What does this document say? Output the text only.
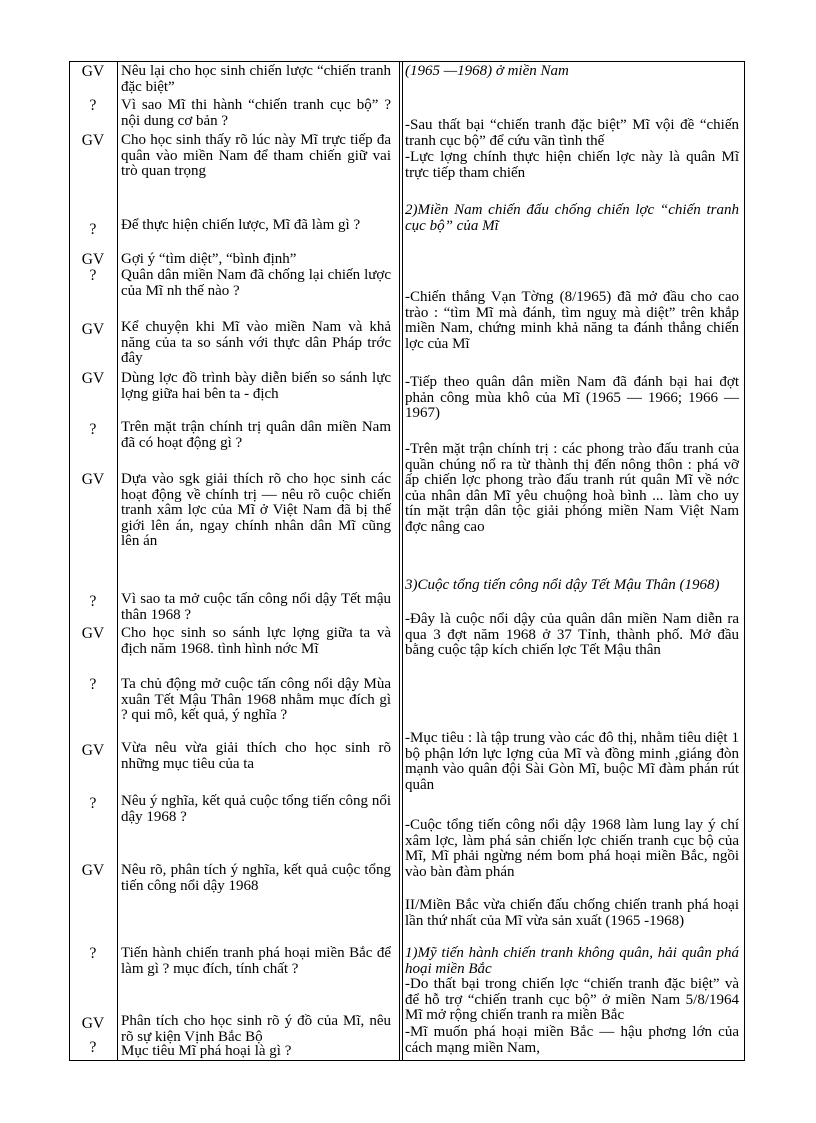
GV
?
GV
?
GV
?
GV
GV
?
GV
?
GV
?
GV
?
GV
?
GV
?
Nêu lại cho học sinh chiến lược “chiến tranh đặc biệt”
Vì sao Mĩ thi hành “chiến tranh cục bộ” ? nội dung cơ bản ?
Cho học sinh thấy rõ lúc này Mĩ trực tiếp đa quân vào miền Nam để tham chiến giữ vai trò quan trọng
Để thực hiện chiến lược, Mĩ đã làm gì ?
Gợi ý “tìm diệt”, “bình định”
Quân dân miền Nam đã chống lại chiến lược của Mĩ nh thế nào ?
Kể chuyện khi Mĩ vào miền Nam và khả năng của ta so sánh với thực dân Pháp trớc đây
Dùng lợc đồ trình bày diễn biến so sánh lực lợng giữa hai bên ta - địch
Trên mặt trận chính trị quân dân miền Nam đã có hoạt động gì ?
Dựa vào sgk giải thích rõ cho học sinh các hoạt động về chính trị — nêu rõ cuộc chiến tranh xâm lợc của Mĩ ở Việt Nam đã bị thế giới lên án, ngay chính nhân dân Mĩ cũng lên án
Vì sao ta mở cuộc tấn công nổi dậy Tết mậu thân 1968 ?
Cho học sinh so sánh lực lợng giữa ta và địch năm 1968. tình hình nớc Mĩ
Ta chủ động mở cuộc tấn công nổi dậy Mùa xuân Tết Mậu Thân 1968 nhằm mục đích gì ? qui mô, kết quả, ý nghĩa ?
Vừa nêu vừa giải thích cho học sinh rõ những mục tiêu của ta
Nêu ý nghĩa, kết quả cuộc tổng tiến công nổi dậy 1968 ?
Nêu rõ, phân tích ý nghĩa, kết quả cuộc tổng tiến công nổi dậy 1968
Tiến hành chiến tranh phá hoại miền Bắc để làm gì ? mục đích, tính chất ?
Phân tích cho học sinh rõ ý đồ của Mĩ, nêu rõ sự kiện Vịnh Bắc Bộ
Mục tiêu Mĩ phá hoại là gì ?
(1965 —1968) ở miền Nam
-Sau thất bại “chiến tranh đặc biệt” Mĩ vội đề “chiến tranh cục bộ” để cứu vãn tình thế
-Lực lợng chính thực hiện chiến lợc này là quân Mĩ trực tiếp tham chiến
2)Miền Nam chiến đấu chống chiến lợc “chiến tranh cục bộ” của Mĩ
-Chiến thắng Vạn Tờng (8/1965) đã mở đầu cho cao trào : “tìm Mĩ mà đánh, tìm nguỵ mà diệt” trên khắp miền Nam, chứng minh khả năng ta đánh thắng chiến lợc của Mĩ
-Tiếp theo quân dân miền Nam đã đánh bại hai đợt phản công mùa khô của Mĩ (1965 — 1966; 1966 — 1967)
-Trên mặt trận chính trị : các phong trào đấu tranh của quần chúng nổ ra từ thành thị đến nông thôn : phá vỡ ấp chiến lợc phong trào đấu tranh rút quân Mĩ về nớc của nhân dân Mĩ yêu chuộng hoà bình ... làm cho uy tín mặt trận dân tộc giải phóng miền Nam Việt Nam đợc nâng cao
3)Cuộc tổng tiến công nổi dậy Tết Mậu Thân (1968)
-Đây là cuộc nổi dậy của quân dân miền Nam diễn ra qua 3 đợt năm 1968 ở 37 Tỉnh, thành phố. Mở đầu bằng cuộc tập kích chiến lợc Tết Mậu thân
-Mục tiêu : là tập trung vào các đô thị, nhằm tiêu diệt 1 bộ phận lớn lực lợng của Mĩ và đồng minh ,giáng đòn mạnh vào quân đội Sài Gòn Mĩ, buộc Mĩ đàm phán rút quân
-Cuộc tổng tiến công nổi dậy 1968 làm lung lay ý chí xâm lợc, làm phá sản chiến lợc chiến tranh cục bộ của Mĩ, Mĩ phải ngừng ném bom phá hoại miền Bắc, ngồi vào bàn đàm phán
II/Miền Bắc vừa chiến đấu chống chiến tranh phá hoại lần thứ nhất của Mĩ vừa sản xuất (1965 -1968)
1)Mỹ tiến hành chiến tranh không quân, hải quân phá hoại miền Bắc
-Do thất bại trong chiến lợc “chiến tranh đặc biệt” và để hỗ trợ “chiến tranh cục bộ” ở miền Nam 5/8/1964 Mĩ mở rộng chiến tranh ra miền Bắc
-Mĩ muốn phá hoại miền Bắc — hậu phơng lớn của cách mạng miền Nam,
